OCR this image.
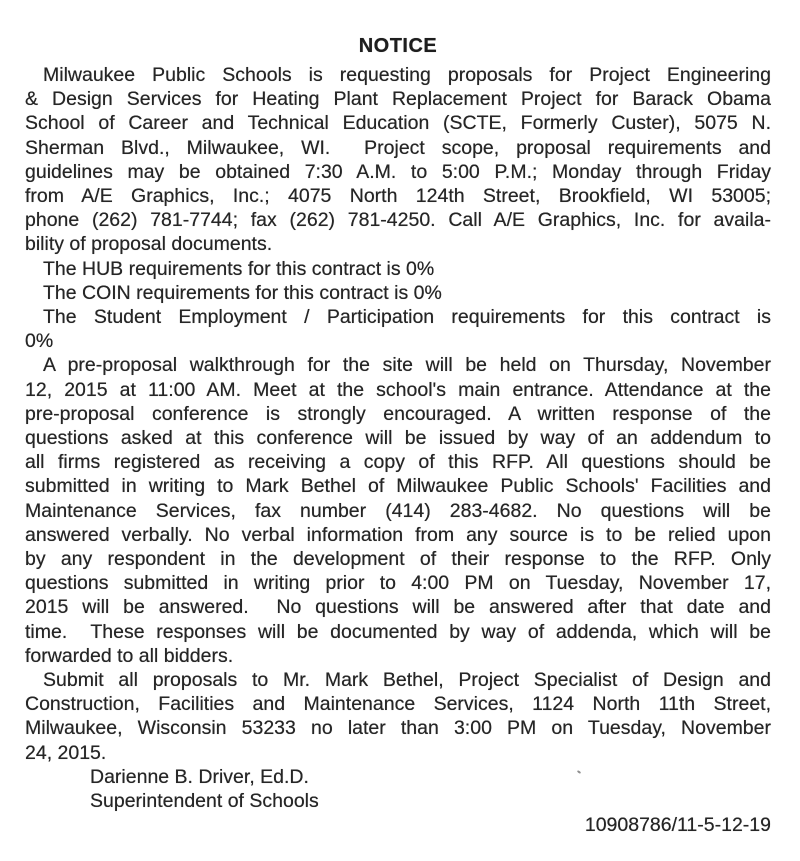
NOTICE
Milwaukee Public Schools is requesting proposals for Project Engineering
& Design Services for Heating Plant Replacement Project for Barack Obama
School of Career and Technical Education (SCTE, Formerly Custer), 5075 N.
Sherman Blvd., Milwaukee, WI.  Project scope, proposal requirements and
guidelines may be obtained 7:30 A.M. to 5:00 P.M.; Monday through Friday
from A/E Graphics, Inc.; 4075 North 124th Street, Brookfield, WI 53005;
phone (262) 781-7744; fax (262) 781-4250. Call A/E Graphics, Inc. for availa-
bility of proposal documents.
The HUB requirements for this contract is 0%
The COIN requirements for this contract is 0%
The Student Employment / Participation requirements for this contract is
0%
A pre-proposal walkthrough for the site will be held on Thursday, November
12, 2015 at 11:00 AM. Meet at the school's main entrance. Attendance at the
pre-proposal conference is strongly encouraged. A written response of the
questions asked at this conference will be issued by way of an addendum to
all firms registered as receiving a copy of this RFP. All questions should be
submitted in writing to Mark Bethel of Milwaukee Public Schools' Facilities and
Maintenance Services, fax number (414) 283-4682. No questions will be
answered verbally. No verbal information from any source is to be relied upon
by any respondent in the development of their response to the RFP. Only
questions submitted in writing prior to 4:00 PM on Tuesday, November 17,
2015 will be answered.  No questions will be answered after that date and
time.  These responses will be documented by way of addenda, which will be
forwarded to all bidders.
Submit all proposals to Mr. Mark Bethel, Project Specialist of Design and
Construction, Facilities and Maintenance Services, 1124 North 11th Street,
Milwaukee, Wisconsin 53233 no later than 3:00 PM on Tuesday, November
24, 2015.
Darienne B. Driver, Ed.D.
Superintendent of Schools
10908786/11-5-12-19
